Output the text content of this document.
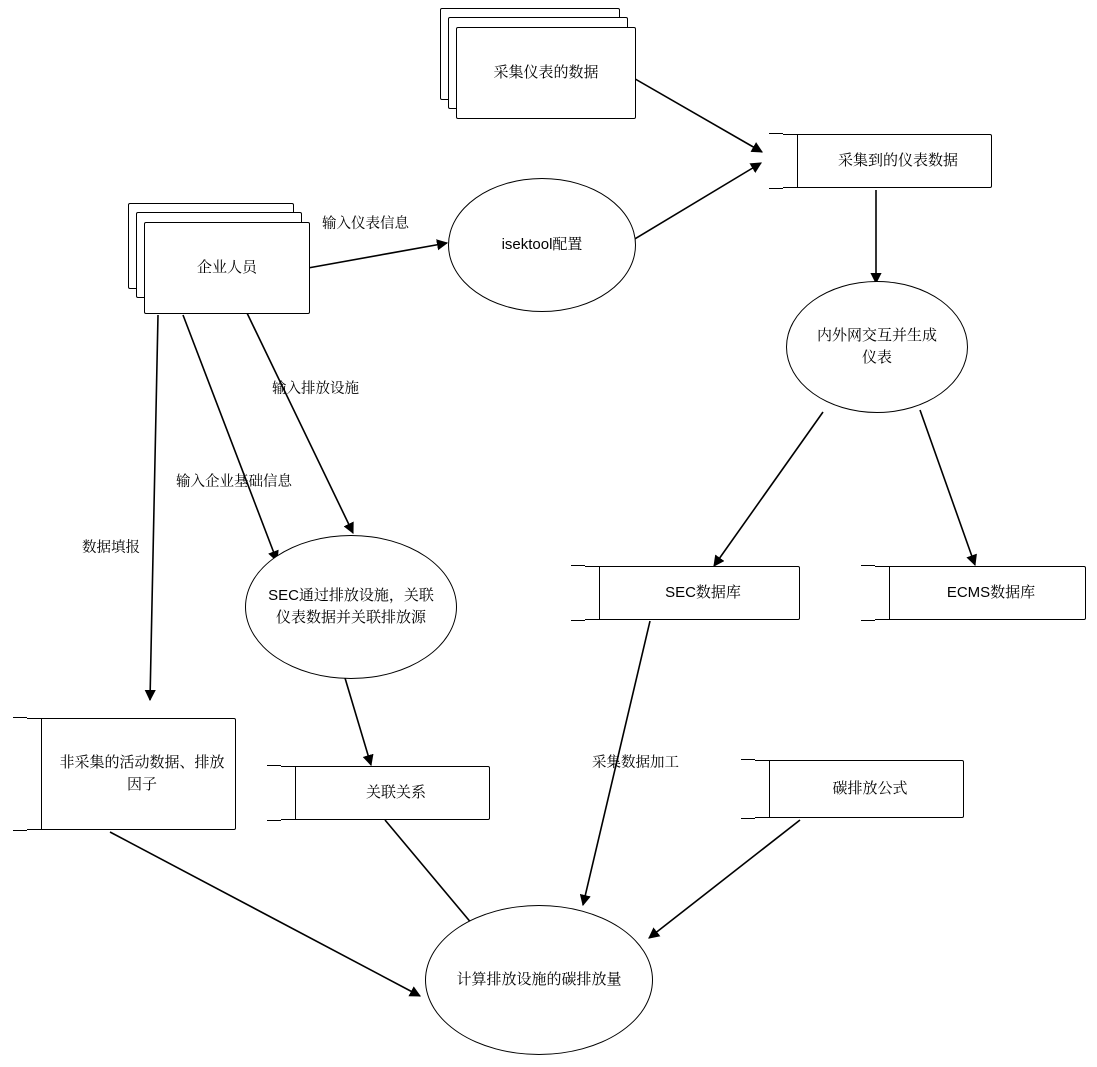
采集仪表的数据
采集到的仪表数据
isektool配置
企业人员
内外网交互并生成仪表
SEC通过排放设施，关联仪表数据并关联排放源
SEC数据库	ECMS数据库
非采集的活动数据、排放因子	关联关系	碳排放公式
计算排放设施的碳排放量
输入仪表信息
输入排放设施
输入企业基础信息
数据填报
采集数据加工
